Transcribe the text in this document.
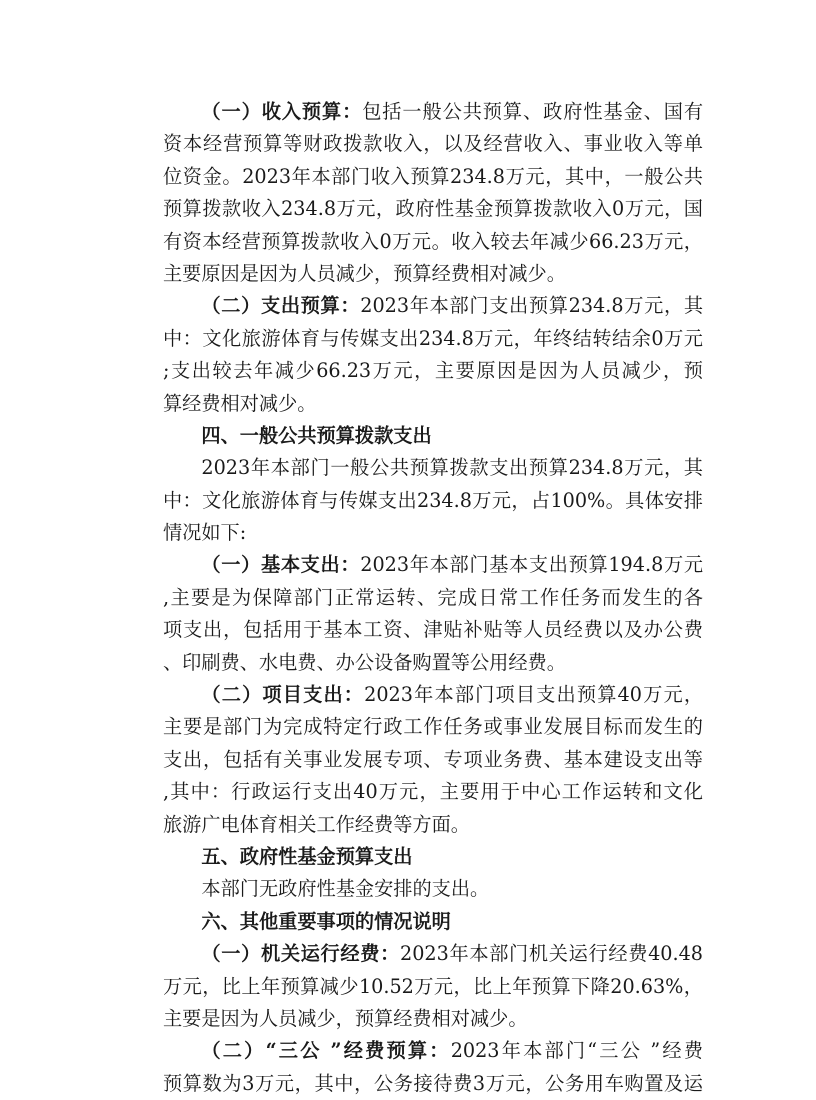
（一）收入预算：包括一般公共预算、政府性基金、国有
资本经营预算等财政拨款收入，以及经营收入、事业收入等单
位资金。2023年本部门收入预算234.8万元，其中，一般公共
预算拨款收入234.8万元，政府性基金预算拨款收入0万元，国
有资本经营预算拨款收入0万元。收入较去年减少66.23万元，
主要原因是因为人员减少，预算经费相对减少。
（二）支出预算：2023年本部门支出预算234.8万元，其
中：文化旅游体育与传媒支出234.8万元，年终结转结余0万元
;支出较去年减少66.23万元，主要原因是因为人员减少，预
算经费相对减少。
四、一般公共预算拨款支出
2023年本部门一般公共预算拨款支出预算234.8万元，其
中：文化旅游体育与传媒支出234.8万元，占100%。具体安排
情况如下:
（一）基本支出：2023年本部门基本支出预算194.8万元
,主要是为保障部门正常运转、完成日常工作任务而发生的各
项支出，包括用于基本工资、津贴补贴等人员经费以及办公费
、印刷费、水电费、办公设备购置等公用经费。
（二）项目支出：2023年本部门项目支出预算40万元，
主要是部门为完成特定行政工作任务或事业发展目标而发生的
支出，包括有关事业发展专项、专项业务费、基本建设支出等
,其中：行政运行支出40万元，主要用于中心工作运转和文化
旅游广电体育相关工作经费等方面。
五、政府性基金预算支出
本部门无政府性基金安排的支出。
六、其他重要事项的情况说明
（一）机关运行经费：2023年本部门机关运行经费40.48
万元，比上年预算减少10.52万元，比上年预算下降20.63%，
主要是因为人员减少，预算经费相对减少。
（二）“三公 ”经费预算：2023年本部门“三公 ”经费
预算数为3万元，其中，公务接待费3万元，公务用车购置及运
